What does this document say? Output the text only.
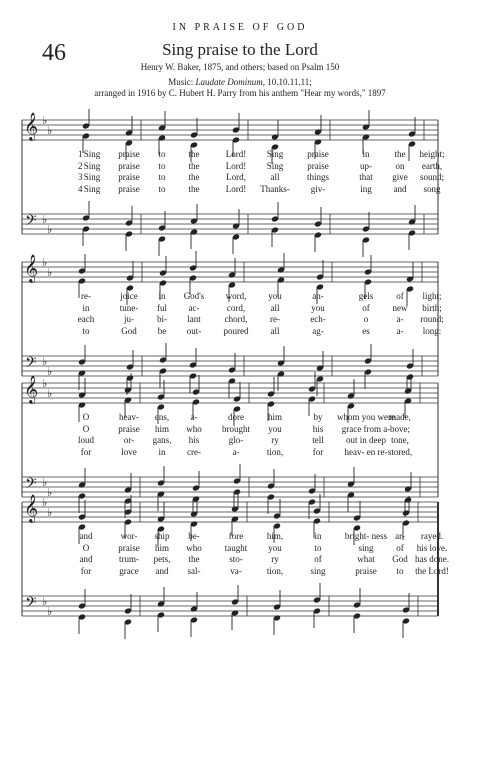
IN PRAISE OF GOD
46	Sing praise to the Lord
Henry W. Baker, 1875, and others; based on Psalm 150
Music: Laudate Dominum, 10.10.11.11;
arranged in 1916 by C. Hubert H. Parry from his anthem "Hear my words," 1897
𝄞
𝄢
♭
♭
♭
♭
𝄞
𝄢
♭
♭
♭
♭
𝄞
𝄢
♭
♭
♭
♭
𝄞
𝄢
♭
♭
♭
♭
1 Sing praise to	the	Lord! Sing	praise	in	the height;
2 Sing praise to	the	Lord! Sing	praise	up-	on earth,
3 Sing praise to	the	Lord,	all	things	that give sound;
4 Sing praise to	the	Lord! Thanks- giv-	ing and song
re-	joice in God's word, you	an-	gels	of light;
in	tune- ful ac-	cord,	all	you	of	new birth;
each	ju-	bi- lant	chord,	re-	ech-	o	a- round;
to	God be out- poured all	ag-	es	a- long:
O	heav- ens, a-	dore	him	by whom you were
made,
O	praise him who brought you	his grace from a- bove;
loud	or- gans, his	glo-	ry	tell out in deep tone,
for	love in cre-	a-	tion,	for heav- en re- stored,
and	wor- ship be-	fore	him,	in	bright- ness ar- rayed.
O	praise him who	taught you	to	sing	of his love.
and	trum- pets, the	sto-	ry	of	what God has done.
for	grace and sal-	va-	tion,	sing	praise to the Lord!
